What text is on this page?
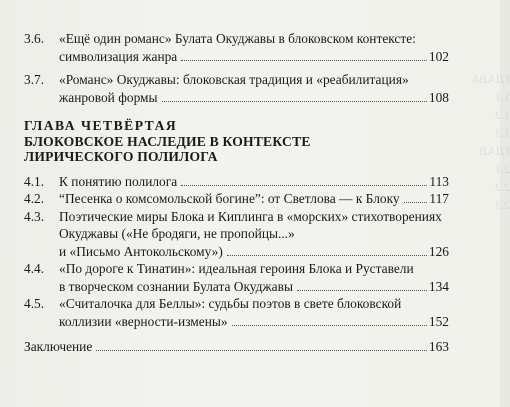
ГЛАВА
1.1.
1.2.
1.3.
ГЛАВ
2.1.
2.2.
2.3.
3.6.	«Ещё один романс» Булата Окуджавы в блоковском контексте:
символизация жанра	102
3.7.	«Романс» Окуджавы: блоковская традиция и «реабилитация»
жанровой формы	108
ГЛАВА ЧЕТВЁРТАЯ
БЛОКОВСКОЕ НАСЛЕДИЕ В КОНТЕКСТЕ
ЛИРИЧЕСКОГО ПОЛИЛОГА
4.1.	К понятию полилога	113
4.2.	“Песенка о комсомольской богине”: от Светлова — к Блоку 117
4.3.	Поэтические миры Блока и Киплинга в «морских» стихотворениях
Окуджавы («Не бродяги, не пропойцы...»
и «Письмо Антокольскому»)	126
4.4.	«По дороге к Тинатин»: идеальная героиня Блока и Руставели
в творческом сознании Булата Окуджавы	134
4.5.	«Считалочка для Беллы»: судьбы поэтов в свете блоковской
коллизии «верности-измены»	152
Заключение	163
